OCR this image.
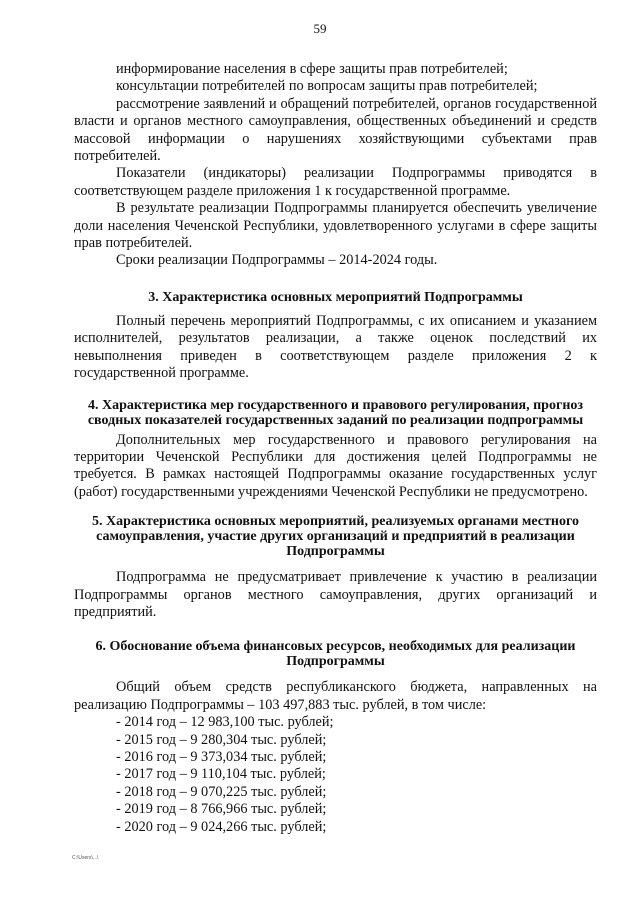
59

информирование населения в сфере защиты прав потребителей;

консультации потребителей по вопросам защиты прав потребителей;

рассмотрение заявлений и обращений потребителей, органов государственной власти и органов местного самоуправления, общественных объединений и средств массовой информации о нарушениях хозяйствующими субъектами прав потребителей.

Показатели (индикаторы) реализации Подпрограммы приводятся в соответствующем разделе приложения 1 к государственной программе.

В результате реализации Подпрограммы планируется обеспечить увеличение доли населения Чеченской Республики, удовлетворенного услугами в сфере защиты прав потребителей.

Сроки реализации Подпрограммы – 2014-2024 годы.

3. Характеристика основных мероприятий Подпрограммы

Полный перечень мероприятий Подпрограммы, с их описанием и указанием исполнителей, результатов реализации, а также оценок последствий их невыполнения приведен в соответствующем разделе приложения 2 к государственной программе.

4. Характеристика мер государственного и правового регулирования, прогноз сводных показателей государственных заданий по реализации подпрограммы

Дополнительных мер государственного и правового регулирования на территории Чеченской Республики для достижения целей Подпрограммы не требуется. В рамках настоящей Подпрограммы оказание государственных услуг (работ) государственными учреждениями Чеченской Республики не предусмотрено.

5. Характеристика основных мероприятий, реализуемых органами местного самоуправления, участие других организаций и предприятий в реализации Подпрограммы

Подпрограмма не предусматривает привлечение к участию в реализации Подпрограммы органов местного самоуправления, других организаций и предприятий.

6. Обоснование объема финансовых ресурсов, необходимых для реализации Подпрограммы

Общий объем средств республиканского бюджета, направленных на реализацию Подпрограммы – 103 497,883 тыс. рублей, в том числе:

- 2014 год – 12 983,100 тыс. рублей;
- 2015 год – 9 280,304 тыс. рублей;
- 2016 год – 9 373,034 тыс. рублей;
- 2017 год – 9 110,104 тыс. рублей;
- 2018 год – 9 070,225 тыс. рублей;
- 2019 год – 8 766,966 тыс. рублей;
- 2020 год – 9 024,266 тыс. рублей;
С:\Users\...\
